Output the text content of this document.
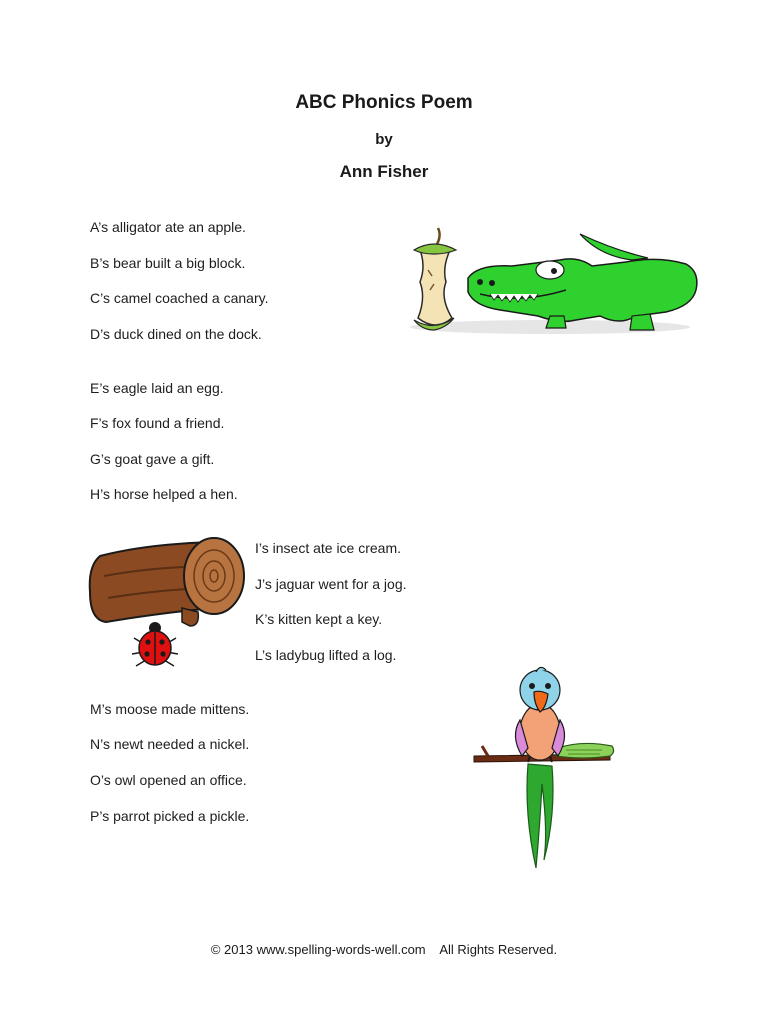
ABC Phonics Poem
by
Ann Fisher
A’s alligator ate an apple.
B’s bear built a big block.
C’s camel coached a canary.
D’s duck dined on the dock.
E’s eagle laid an egg.
F’s fox found a friend.
G’s goat gave a gift.
H’s horse helped a hen.
I’s insect ate ice cream.
J’s jaguar went for a jog.
K’s kitten kept a key.
L’s ladybug lifted a log.
M’s moose made mittens.
N’s newt needed a nickel.
O’s owl opened an office.
P’s parrot picked a pickle.
© 2013 www.spelling-words-well.com    All Rights Reserved.
